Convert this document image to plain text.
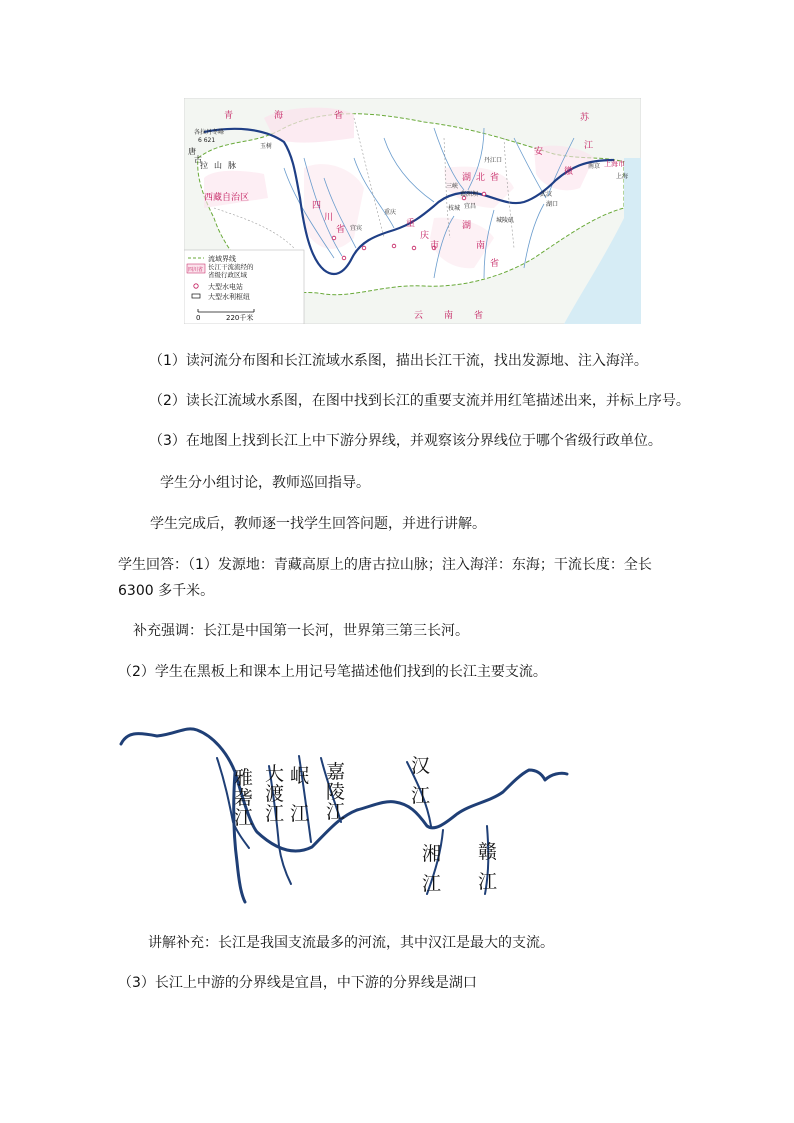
青	海	省
西藏自治区
四
川
省
湖 北 省
湖
南
省
安
徽
苏
江
云 南 省
重
庆
市
各拉丹冬峰
6 621
唐
古
拉 山 脉
玉树
丹江口
武汉
南京
上海
上海市
重庆
宜宾
宜昌
三峡
葛洲坝
枝城
城陵矶
湖口
流域界线
四川省 长江干流流经的
省级行政区域
大型水电站
大型水利枢纽
0	220千米
（1）读河流分布图和长江流域水系图，描出长江干流，找出发源地、注入海洋。
（2）读长江流域水系图，在图中找到长江的重要支流并用红笔描述出来，并标上序号。
（3）在地图上找到长江上中下游分界线，并观察该分界线位于哪个省级行政单位。
学生分小组讨论，教师巡回指导。
学生完成后，教师逐一找学生回答问题，并进行讲解。
学生回答：（1）发源地：青藏高原上的唐古拉山脉；注入海洋：东海；干流长度：全长
6300 多千米。
补充强调：长江是中国第一长河，世界第三第三长河。
（2）学生在黑板上和课本上用记号笔描述他们找到的长江主要支流。
雅
砻
江
大
渡
江
岷
江
嘉
陵
江
汉
江
湘
江
赣
江
讲解补充：长江是我国支流最多的河流，其中汉江是最大的支流。
（3）长江上中游的分界线是宜昌，中下游的分界线是湖口
